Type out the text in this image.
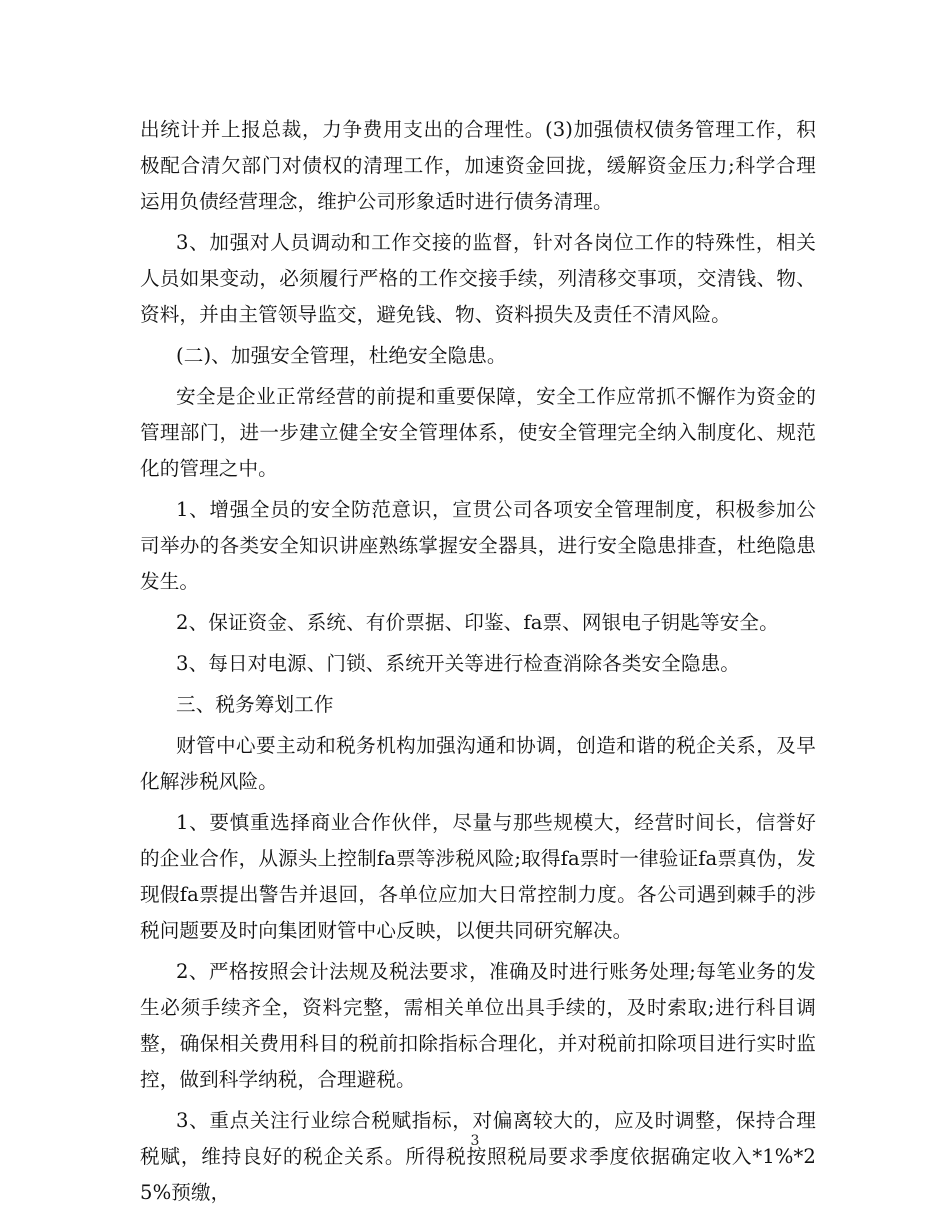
出统计并上报总裁，力争费用支出的合理性。(3)加强债权债务管理工作，积极配合清欠部门对债权的清理工作，加速资金回拢，缓解资金压力;科学合理运用负债经营理念，维护公司形象适时进行债务清理。

3、加强对人员调动和工作交接的监督，针对各岗位工作的特殊性，相关人员如果变动，必须履行严格的工作交接手续，列清移交事项，交清钱、物、资料，并由主管领导监交，避免钱、物、资料损失及责任不清风险。

(二)、加强安全管理，杜绝安全隐患。

安全是企业正常经营的前提和重要保障，安全工作应常抓不懈作为资金的管理部门，进一步建立健全安全管理体系，使安全管理完全纳入制度化、规范化的管理之中。

1、增强全员的安全防范意识，宣贯公司各项安全管理制度，积极参加公司举办的各类安全知识讲座熟练掌握安全器具，进行安全隐患排查，杜绝隐患发生。

2、保证资金、系统、有价票据、印鉴、fa票、网银电子钥匙等安全。

3、每日对电源、门锁、系统开关等进行检查消除各类安全隐患。

三、税务筹划工作

财管中心要主动和税务机构加强沟通和协调，创造和谐的税企关系，及早化解涉税风险。

1、要慎重选择商业合作伙伴，尽量与那些规模大，经营时间长，信誉好的企业合作，从源头上控制fa票等涉税风险;取得fa票时一律验证fa票真伪，发现假fa票提出警告并退回，各单位应加大日常控制力度。各公司遇到棘手的涉税问题要及时向集团财管中心反映，以便共同研究解决。

2、严格按照会计法规及税法要求，准确及时进行账务处理;每笔业务的发生必须手续齐全，资料完整，需相关单位出具手续的，及时索取;进行科目调整，确保相关费用科目的税前扣除指标合理化，并对税前扣除项目进行实时监控，做到科学纳税，合理避税。

3、重点关注行业综合税赋指标，对偏离较大的，应及时调整，保持合理税赋，维持良好的税企关系。所得税按照税局要求季度依据确定收入*1%*25%预缴，

3
